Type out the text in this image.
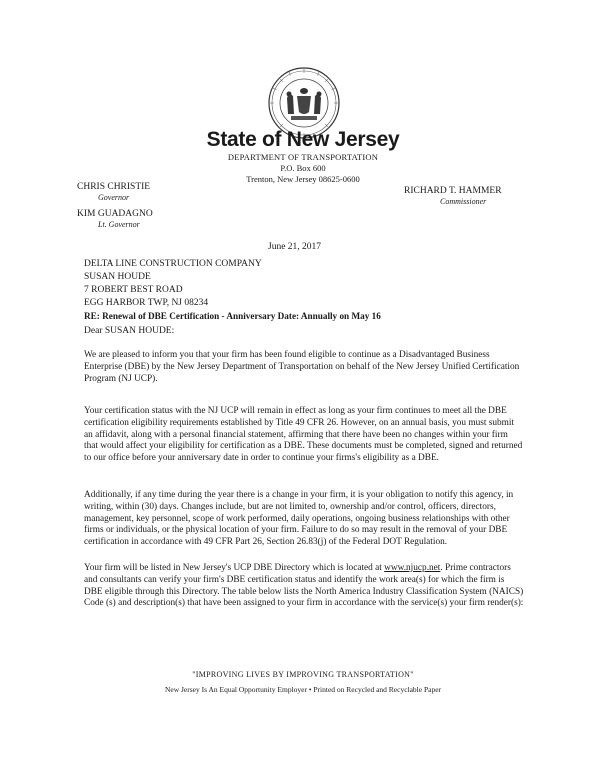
State of New Jersey
DEPARTMENT OF TRANSPORTATION
P.O. Box 600
Trenton, New Jersey 08625-0600
CHRIS CHRISTIE
Governor
KIM GUADAGNO
Lt. Governor
RICHARD T. HAMMER
Commissioner
June 21, 2017
DELTA LINE CONSTRUCTION COMPANY
SUSAN HOUDE
7 ROBERT BEST ROAD
EGG HARBOR TWP, NJ 08234
RE: Renewal of DBE Certification - Anniversary Date: Annually on May 16
Dear SUSAN HOUDE:
We are pleased to inform you that your firm has been found eligible to continue as a Disadvantaged Business Enterprise (DBE) by the New Jersey Department of Transportation on behalf of the New Jersey Unified Certification Program (NJ UCP).
Your certification status with the NJ UCP will remain in effect as long as your firm continues to meet all the DBE certification eligibility requirements established by Title 49 CFR 26. However, on an annual basis, you must submit an affidavit, along with a personal financial statement, affirming that there have been no changes within your firm that would affect your eligibility for certification as a DBE. These documents must be completed, signed and returned to our office before your anniversary date in order to continue your firms's eligibility as a DBE.
Additionally, if any time during the year there is a change in your firm, it is your obligation to notify this agency, in writing, within (30) days. Changes include, but are not limited to, ownership and/or control, officers, directors, management, key personnel, scope of work performed, daily operations, ongoing business relationships with other firms or individuals, or the physical location of your firm. Failure to do so may result in the removal of your DBE certification in accordance with 49 CFR Part 26, Section 26.83(j) of the Federal DOT Regulation.
Your firm will be listed in New Jersey's UCP DBE Directory which is located at www.njucp.net. Prime contractors and consultants can verify your firm's DBE certification status and identify the work area(s) for which the firm is DBE eligible through this Directory. The table below lists the North America Industry Classification System (NAICS) Code (s) and description(s) that have been assigned to your firm in accordance with the service(s) your firm render(s):
"IMPROVING LIVES BY IMPROVING TRANSPORTATION"
New Jersey Is An Equal Opportunity Employer • Printed on Recycled and Recyclable Paper
